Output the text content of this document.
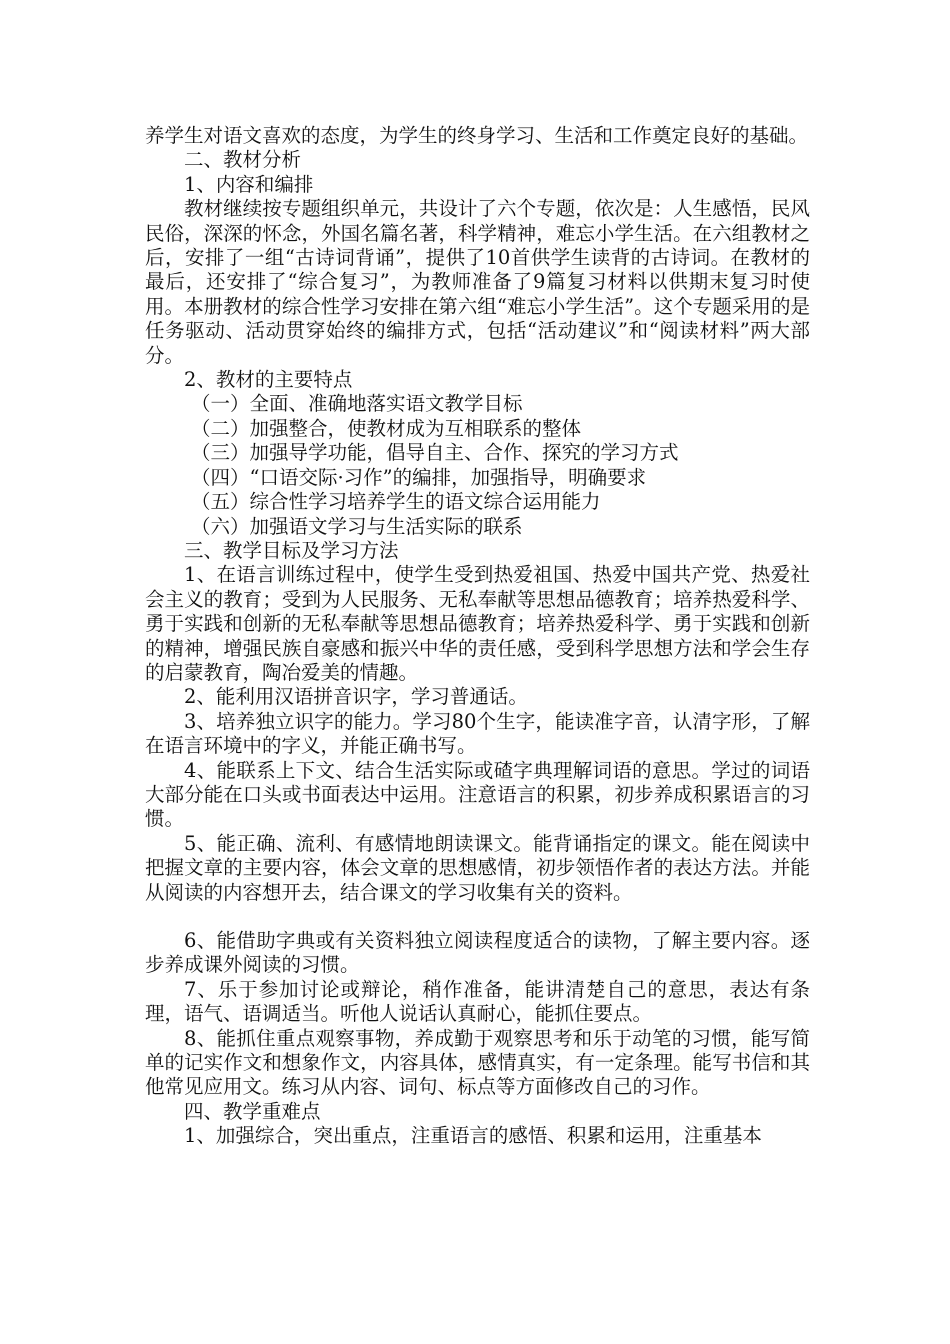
养学生对语文喜欢的态度，为学生的终身学习、生活和工作奠定良好的基础。

二、教材分析

1、内容和编排

教材继续按专题组织单元，共设计了六个专题，依次是：人生感悟，民风民俗，深深的怀念，外国名篇名著，科学精神，难忘小学生活。在六组教材之后，安排了一组“古诗词背诵”，提供了10首供学生读背的古诗词。在教材的最后，还安排了“综合复习”，为教师准备了9篇复习材料以供期末复习时使用。本册教材的综合性学习安排在第六组“难忘小学生活”。这个专题采用的是任务驱动、活动贯穿始终的编排方式，包括“活动建议”和“阅读材料”两大部分。

2、教材的主要特点

（一）全面、准确地落实语文教学目标

（二）加强整合，使教材成为互相联系的整体

（三）加强导学功能，倡导自主、合作、探究的学习方式

（四）“口语交际·习作”的编排，加强指导，明确要求

（五）综合性学习培养学生的语文综合运用能力

（六）加强语文学习与生活实际的联系

三、教学目标及学习方法

1、在语言训练过程中，使学生受到热爱祖国、热爱中国共产党、热爱社会主义的教育；受到为人民服务、无私奉献等思想品德教育；培养热爱科学、勇于实践和创新的无私奉献等思想品德教育；培养热爱科学、勇于实践和创新的精神，增强民族自豪感和振兴中华的责任感，受到科学思想方法和学会生存的启蒙教育，陶冶爱美的情趣。

2、能利用汉语拼音识字，学习普通话。

3、培养独立识字的能力。学习80个生字，能读准字音，认清字形，了解在语言环境中的字义，并能正确书写。

4、能联系上下文、结合生活实际或碴字典理解词语的意思。学过的词语大部分能在口头或书面表达中运用。注意语言的积累，初步养成积累语言的习惯。

5、能正确、流利、有感情地朗读课文。能背诵指定的课文。能在阅读中把握文章的主要内容，体会文章的思想感情，初步领悟作者的表达方法。并能从阅读的内容想开去，结合课文的学习收集有关的资料。

6、能借助字典或有关资料独立阅读程度适合的读物，了解主要内容。逐步养成课外阅读的习惯。

7、乐于参加讨论或辩论，稍作准备，能讲清楚自己的意思，表达有条理，语气、语调适当。听他人说话认真耐心，能抓住要点。

8、能抓住重点观察事物，养成勤于观察思考和乐于动笔的习惯，能写简单的记实作文和想象作文，内容具体，感情真实，有一定条理。能写书信和其他常见应用文。练习从内容、词句、标点等方面修改自己的习作。

四、教学重难点

1、加强综合，突出重点，注重语言的感悟、积累和运用，注重基本
